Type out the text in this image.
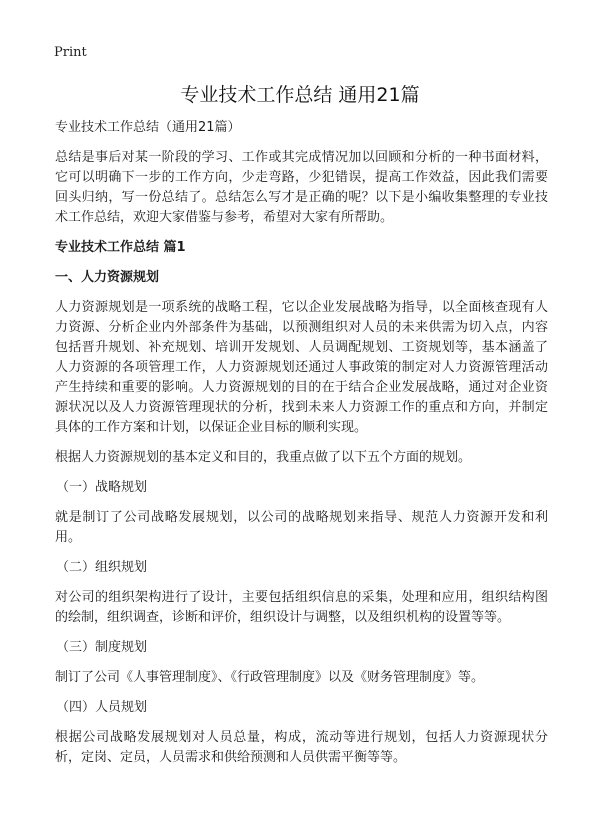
Print
专业技术工作总结 通用21篇

专业技术工作总结（通用21篇）

总结是事后对某一阶段的学习、工作或其完成情况加以回顾和分析的一种书面材料，它可以明确下一步的工作方向，少走弯路，少犯错误，提高工作效益，因此我们需要回头归纳，写一份总结了。总结怎么写才是正确的呢？以下是小编收集整理的专业技术工作总结，欢迎大家借鉴与参考，希望对大家有所帮助。

专业技术工作总结 篇1

一、人力资源规划

人力资源规划是一项系统的战略工程，它以企业发展战略为指导，以全面核查现有人力资源、分析企业内外部条件为基础，以预测组织对人员的未来供需为切入点，内容包括晋升规划、补充规划、培训开发规划、人员调配规划、工资规划等，基本涵盖了人力资源的各项管理工作，人力资源规划还通过人事政策的制定对人力资源管理活动产生持续和重要的影响。人力资源规划的目的在于结合企业发展战略，通过对企业资源状况以及人力资源管理现状的分析，找到未来人力资源工作的重点和方向，并制定具体的工作方案和计划，以保证企业目标的顺利实现。

根据人力资源规划的基本定义和目的，我重点做了以下五个方面的规划。

（一）战略规划

就是制订了公司战略发展规划，以公司的战略规划来指导、规范人力资源开发和利用。

（二）组织规划

对公司的组织架构进行了设计，主要包括组织信息的采集，处理和应用，组织结构图的绘制，组织调查，诊断和评价，组织设计与调整，以及组织机构的设置等等。

（三）制度规划

制订了公司《人事管理制度》、《行政管理制度》以及《财务管理制度》等。

（四）人员规划

根据公司战略发展规划对人员总量，构成，流动等进行规划，包括人力资源现状分析，定岗、定员，人员需求和供给预测和人员供需平衡等等。
